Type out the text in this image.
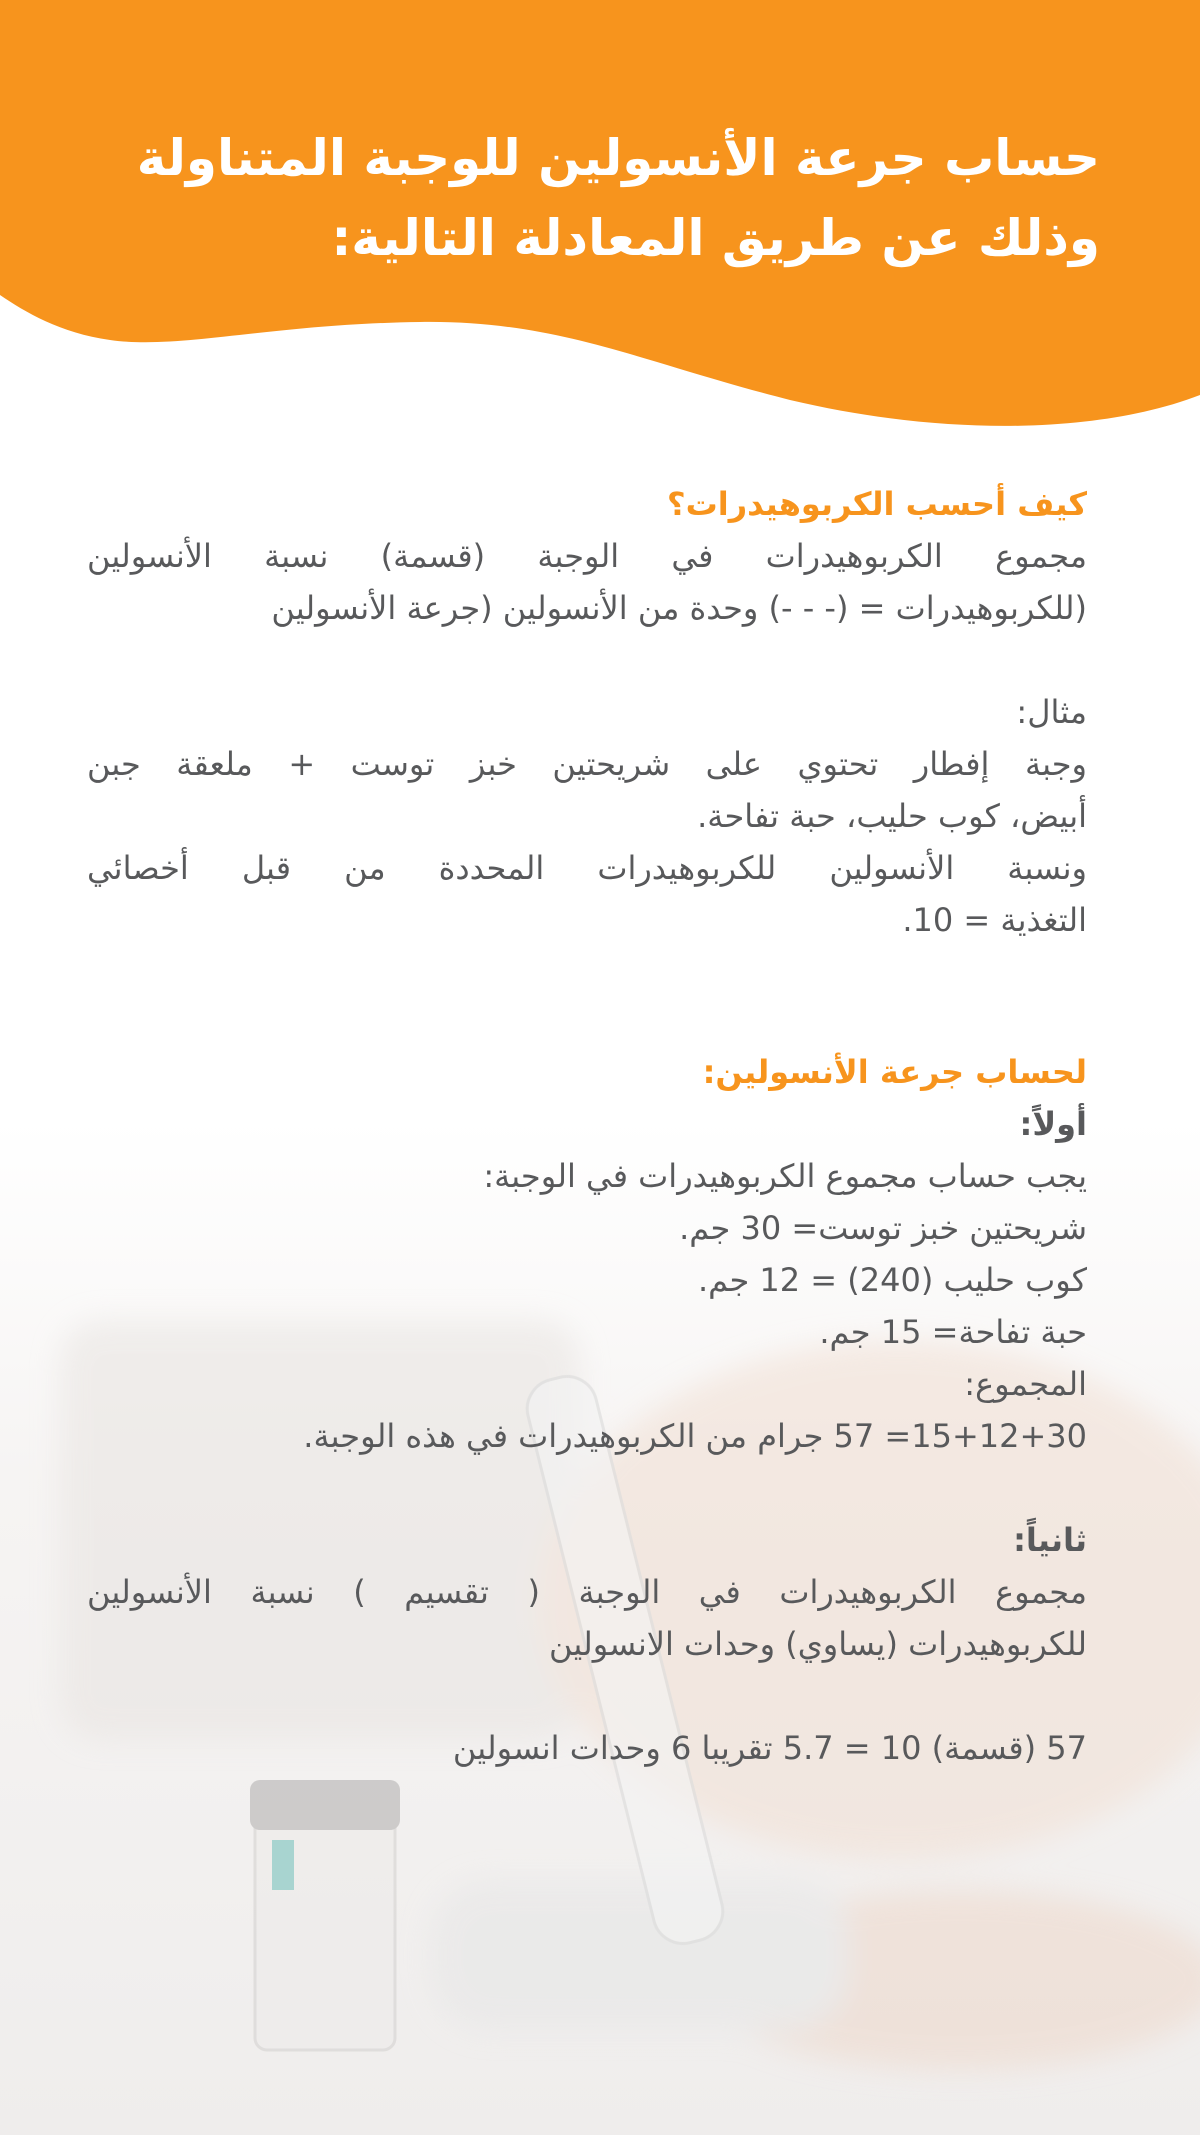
حساب جرعة الأنسولين للوجبة المتناولة
وذلك عن طريق المعادلة التالية:

كيف أحسب الكربوهيدرات؟

مجموع الكربوهيدرات في الوجبة (قسمة) نسبة الأنسولين

(للكربوهيدرات = (- - -) وحدة من الأنسولين (جرعة الأنسولين

مثال:

وجبة إفطار تحتوي على شريحتين خبز توست + ملعقة جبن

أبيض، كوب حليب، حبة تفاحة.

ونسبة الأنسولين للكربوهيدرات المحددة من قبل أخصائي

التغذية = 10.

لحساب جرعة الأنسولين:

أولاً:

يجب حساب مجموع الكربوهيدرات في الوجبة:

شريحتين خبز توست= 30 جم.

كوب حليب (240) = 12 جم.

حبة تفاحة= 15 جم.

المجموع:

15+12+30= 57 جرام من الكربوهيدرات في هذه الوجبة.

ثانياً:

مجموع الكربوهيدرات في الوجبة ( تقسيم ) نسبة الأنسولين

للكربوهيدرات (يساوي) وحدات الانسولين

57 (قسمة) 10 = 5.7 تقريبا 6 وحدات انسولين
